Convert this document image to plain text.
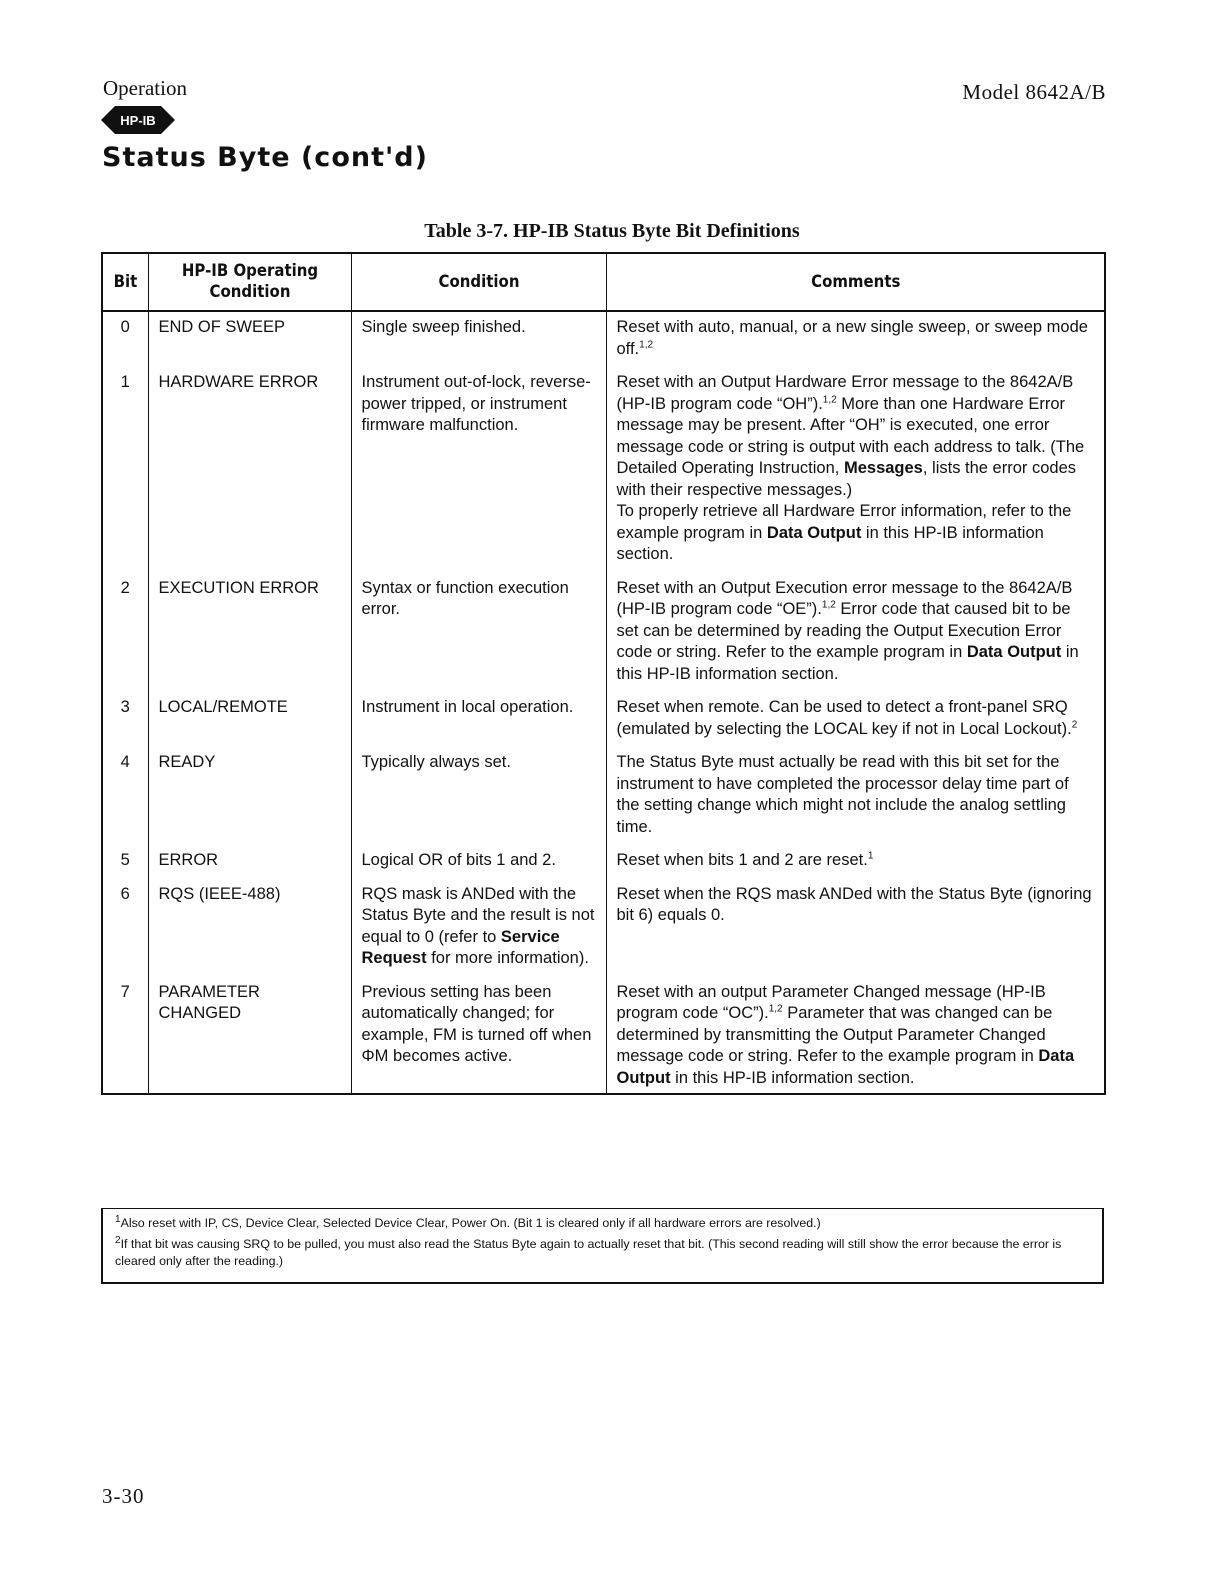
Operation	Model 8642A/B
HP-IB
Status Byte (cont'd)
Table 3-7. HP-IB Status Byte Bit Definitions
Bit	HP-IB Operating Condition	Condition	Comments
0	END OF SWEEP	Single sweep finished.	Reset with auto, manual, or a new single sweep, or sweep mode off.$^{1,2}$
1	HARDWARE ERROR	Instrument out-of-lock, reverse-power tripped, or instrument firmware malfunction.	Reset with an Output Hardware Error message to the 8642A/B (HP-IB program code “OH”).$^{1,2}$ More than one Hardware Error message may be present. After “OH” is executed, one error message code or string is output with each address to talk. (The Detailed Operating Instruction, Messages, lists the error codes with their respective messages.)
To properly retrieve all Hardware Error information, refer to the example program in Data Output in this HP-IB information section.
2	EXECUTION ERROR	Syntax or function execution error.	Reset with an Output Execution error message to the 8642A/B (HP-IB program code “OE”).$^{1,2}$ Error code that caused bit to be set can be determined by reading the Output Execution Error code or string. Refer to the example program in Data Output in this HP-IB information section.
3	LOCAL/REMOTE	Instrument in local operation.	Reset when remote. Can be used to detect a front-panel SRQ (emulated by selecting the LOCAL key if not in Local Lockout).$^2$
4	READY	Typically always set.	The Status Byte must actually be read with this bit set for the instrument to have completed the processor delay time part of the setting change which might not include the analog settling time.
5	ERROR	Logical OR of bits 1 and 2.	Reset when bits 1 and 2 are reset.$^1$
6	RQS (IEEE-488)	RQS mask is ANDed with the Status Byte and the result is not equal to 0 (refer to Service Request for more information).	Reset when the RQS mask ANDed with the Status Byte (ignoring bit 6) equals 0.
7	PARAMETER CHANGED	Previous setting has been automatically changed; for example, FM is turned off when ΦM becomes active.	Reset with an output Parameter Changed message (HP-IB program code “OC”).$^{1,2}$ Parameter that was changed can be determined by transmitting the Output Parameter Changed message code or string. Refer to the example program in Data Output in this HP-IB information section.

$^1$Also reset with IP, CS, Device Clear, Selected Device Clear, Power On. (Bit 1 is cleared only if all hardware errors are resolved.)

$^2$If that bit was causing SRQ to be pulled, you must also read the Status Byte again to actually reset that bit. (This second reading will still show the error because the error is cleared only after the reading.)

3-30
